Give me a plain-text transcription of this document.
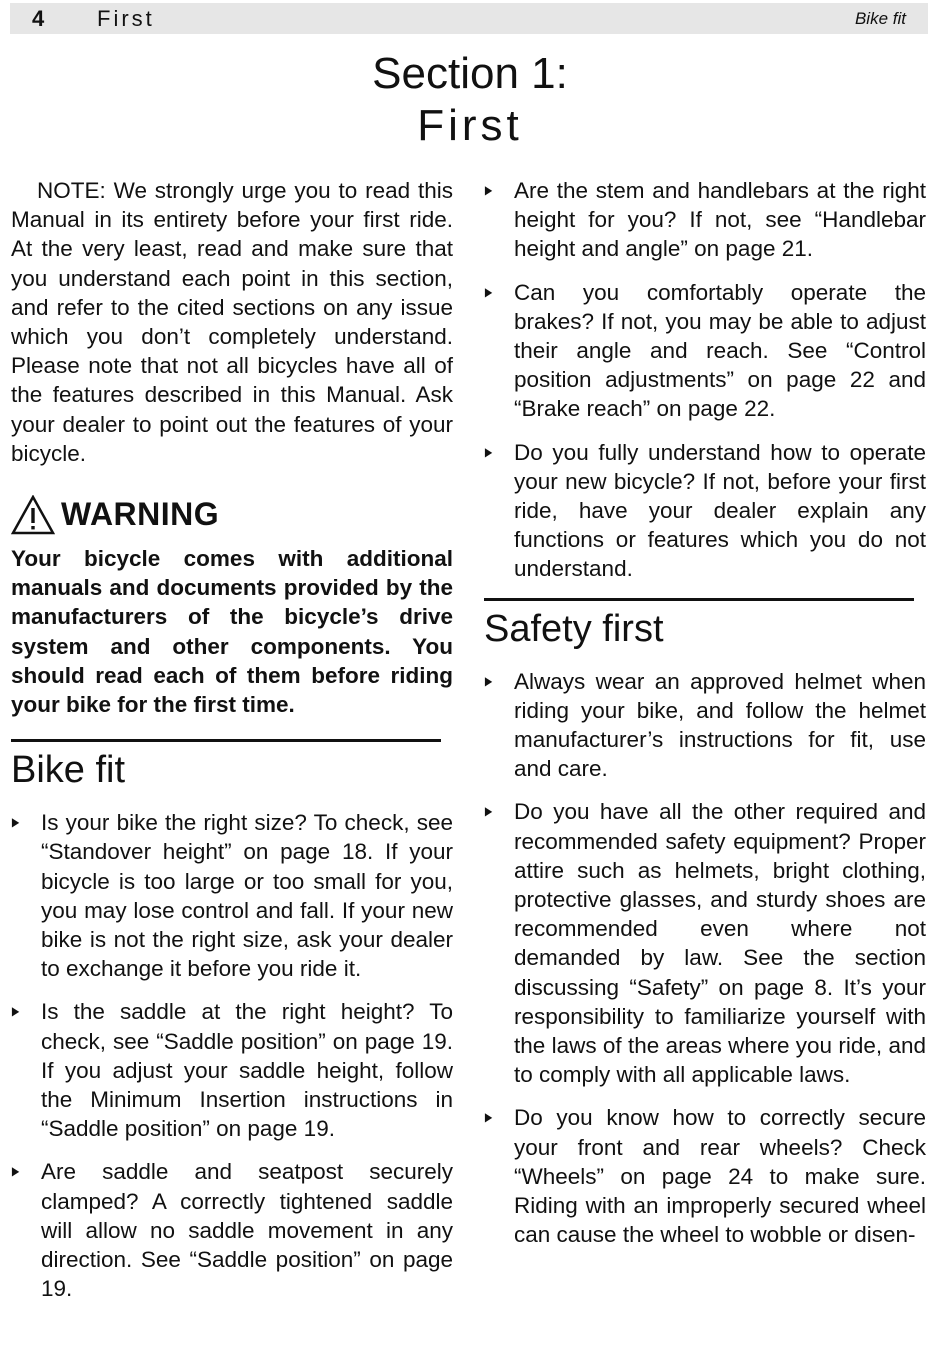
4 First	Bike fit
Section 1:
First

NOTE: We strongly urge you to read this Manual in its entirety before your first ride. At the very least, read and make sure that you understand each point in this section, and refer to the cited sections on any issue which you don’t completely understand. Please note that not all bicycles have all of the features described in this Manual. Ask your dealer to point out the features of your bicycle.

WARNING

Your bicycle comes with additional manuals and documents provided by the manufacturers of the bicycle’s drive system and other components. You should read each of them before riding your bike for the first time.

Bike fit
▶ Is your bike the right size? To check, see “Standover height” on page 18. If your bicycle is too large or too small for you, you may lose control and fall. If your new bike is not the right size, ask your dealer to exchange it before you ride it.

▶ Is the saddle at the right height? To check, see “Saddle position” on page 19. If you adjust your saddle height, follow the Minimum Insertion instructions in “Saddle position” on page 19.

▶ Are saddle and seatpost securely clamped? A correctly tightened saddle will allow no saddle movement in any direction. See “Saddle position” on page 19.

▶ Are the stem and handlebars at the right height for you? If not, see “Handlebar height and angle” on page 21.

▶ Can you comfortably operate the brakes? If not, you may be able to adjust their angle and reach. See “Control position adjustments” on page 22 and “Brake reach” on page 22.

▶ Do you fully understand how to operate your new bicycle? If not, before your first ride, have your dealer explain any functions or features which you do not understand.

Safety first
▶ Always wear an approved helmet when riding your bike, and follow the helmet manufacturer’s instructions for fit, use and care.

▶ Do you have all the other required and recommended safety equipment? Proper attire such as helmets, bright clothing, protective glasses, and sturdy shoes are recommended even where not demanded by law. See the section discussing “Safety” on page 8. It’s your responsibility to familiarize yourself with the laws of the areas where you ride, and to comply with all applicable laws.

▶ Do you know how to correctly secure your front and rear wheels? Check “Wheels” on page 24 to make sure. Riding with an improperly secured wheel can cause the wheel to wobble or disen-
